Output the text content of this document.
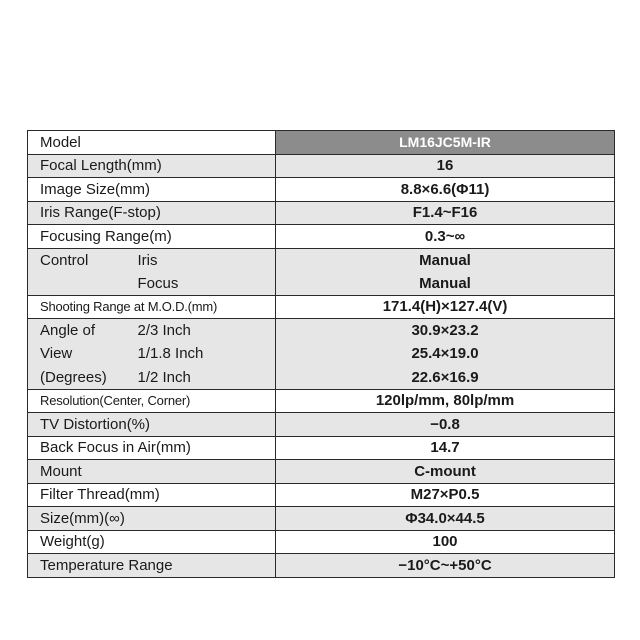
Model		LM16JC5M-IR
Focal Length(mm)		16
Image Size(mm)		8.8×6.6(Φ11)
Iris Range(F-stop)		F1.4~F16
Focusing Range(m)		0.3~∞
Control	Iris	Manual
	Focus	Manual
Shooting Range at M.O.D.(mm)		171.4(H)×127.4(V)
Angle of	2/3 Inch	30.9×23.2
View	1/1.8 Inch	25.4×19.0
(Degrees)	1/2 Inch	22.6×16.9
Resolution(Center, Corner)		120lp/mm, 80lp/mm
TV Distortion(%)		−0.8
Back Focus in Air(mm)		14.7
Mount		C-mount
Filter Thread(mm)		M27×P0.5
Size(mm)(∞)		Φ34.0×44.5
Weight(g)		100
Temperature Range		−10°C~+50°C
